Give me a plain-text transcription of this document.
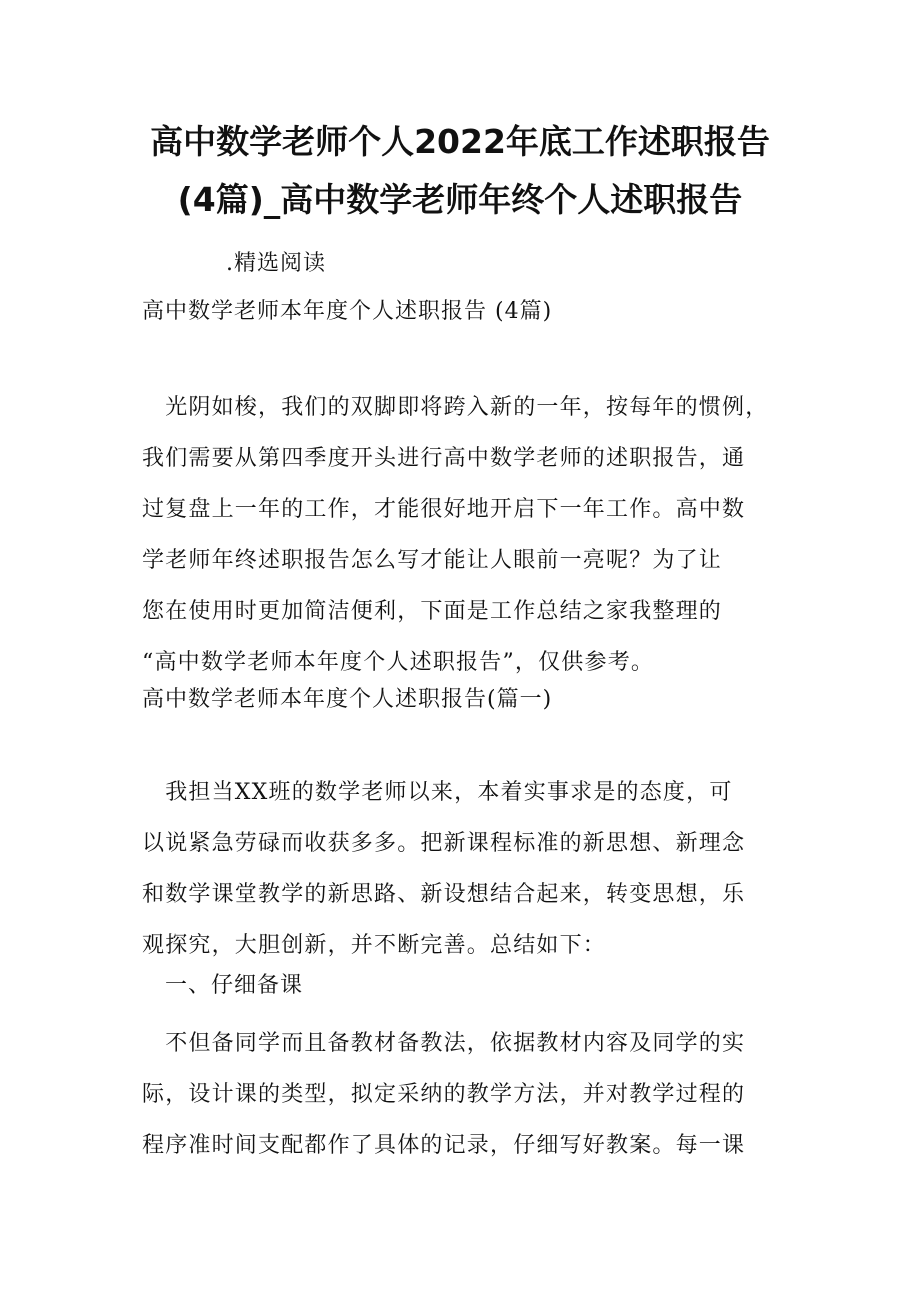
高中数学老师个人2022年底工作述职报告
(4篇)_高中数学老师年终个人述职报告
.精选阅读
高中数学老师本年度个人述职报告 (4篇)
　光阴如梭，我们的双脚即将跨入新的一年，按每年的惯例，
我们需要从第四季度开头进行高中数学老师的述职报告，通
过复盘上一年的工作，才能很好地开启下一年工作。高中数
学老师年终述职报告怎么写才能让人眼前一亮呢？为了让
您在使用时更加简洁便利，下面是工作总结之家我整理的
“高中数学老师本年度个人述职报告”，仅供参考。
高中数学老师本年度个人述职报告(篇一)
　我担当XX班的数学老师以来，本着实事求是的态度，可
以说紧急劳碌而收获多多。把新课程标准的新思想、新理念
和数学课堂教学的新思路、新设想结合起来，转变思想，乐
观探究，大胆创新，并不断完善。总结如下：
一、仔细备课
　不但备同学而且备教材备教法，依据教材内容及同学的实
际，设计课的类型，拟定采纳的教学方法，并对教学过程的
程序准时间支配都作了具体的记录，仔细写好教案。每一课
